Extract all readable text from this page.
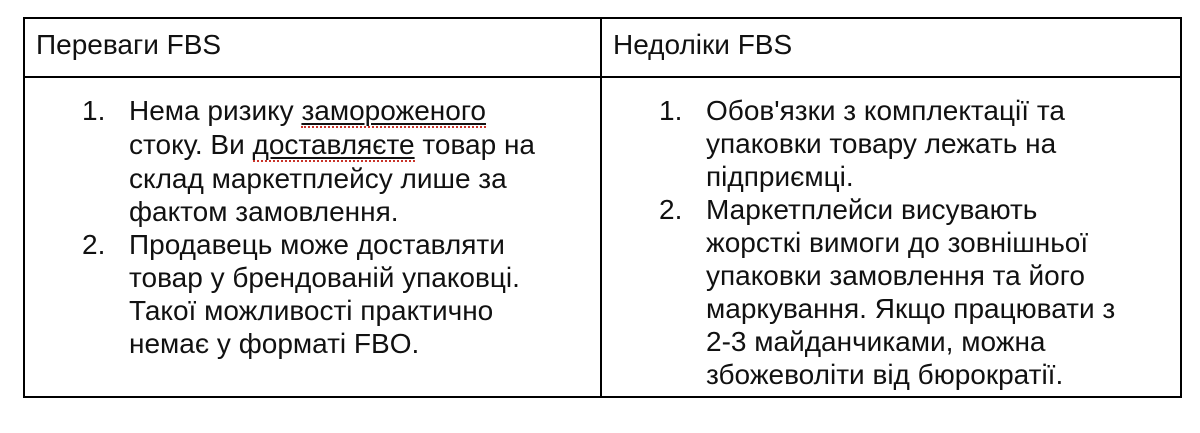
Переваги FBS	Недоліки FBS
1. Нема ризику замороженого стоку. Ви доставляєте товар на склад маркетплейсу лише за фактом замовлення.
2. Продавець може доставляти товар у брендованій упаковці. Такої можливості практично немає у форматі FBO.
1. Обов'язки з комплектації та упаковки товару лежать на підприємці.
2. Маркетплейси висувають жорсткі вимоги до зовнішньої упаковки замовлення та його маркування. Якщо працювати з 2-3 майданчиками, можна збожеволіти від бюрократії.
